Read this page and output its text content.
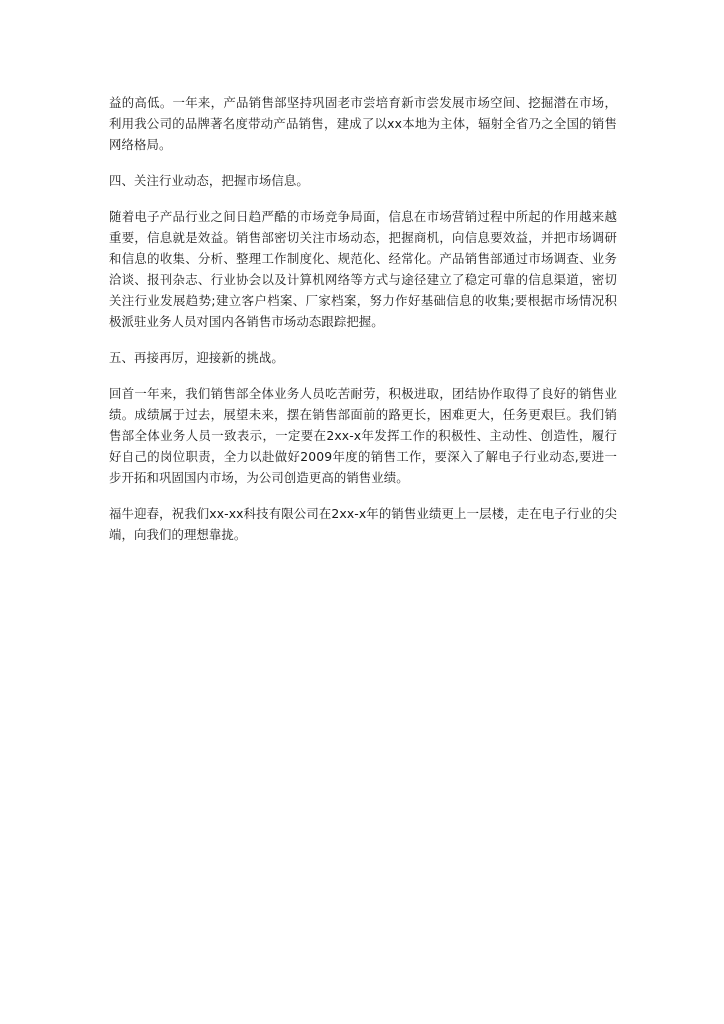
益的高低。一年来，产品销售部坚持巩固老市尝培育新市尝发展市场空间、挖掘潜在市场，利用我公司的品牌著名度带动产品销售，建成了以xx本地为主体，辐射全省乃之全国的销售网络格局。

四、关注行业动态，把握市场信息。

随着电子产品行业之间日趋严酷的市场竞争局面，信息在市场营销过程中所起的作用越来越重要，信息就是效益。销售部密切关注市场动态，把握商机，向信息要效益，并把市场调研和信息的收集、分析、整理工作制度化、规范化、经常化。产品销售部通过市场调查、业务洽谈、报刊杂志、行业协会以及计算机网络等方式与途径建立了稳定可靠的信息渠道，密切关注行业发展趋势;建立客户档案、厂家档案，努力作好基础信息的收集;要根据市场情况积极派驻业务人员对国内各销售市场动态跟踪把握。

五、再接再厉，迎接新的挑战。

回首一年来，我们销售部全体业务人员吃苦耐劳，积极进取，团结协作取得了良好的销售业绩。成绩属于过去，展望未来，摆在销售部面前的路更长，困难更大，任务更艰巨。我们销售部全体业务人员一致表示，一定要在2xx-x年发挥工作的积极性、主动性、创造性，履行好自己的岗位职责，全力以赴做好2009年度的销售工作，要深入了解电子行业动态,要进一步开拓和巩固国内市场，为公司创造更高的销售业绩。

福牛迎春，祝我们xx-xx科技有限公司在2xx-x年的销售业绩更上一层楼，走在电子行业的尖端，向我们的理想靠拢。
